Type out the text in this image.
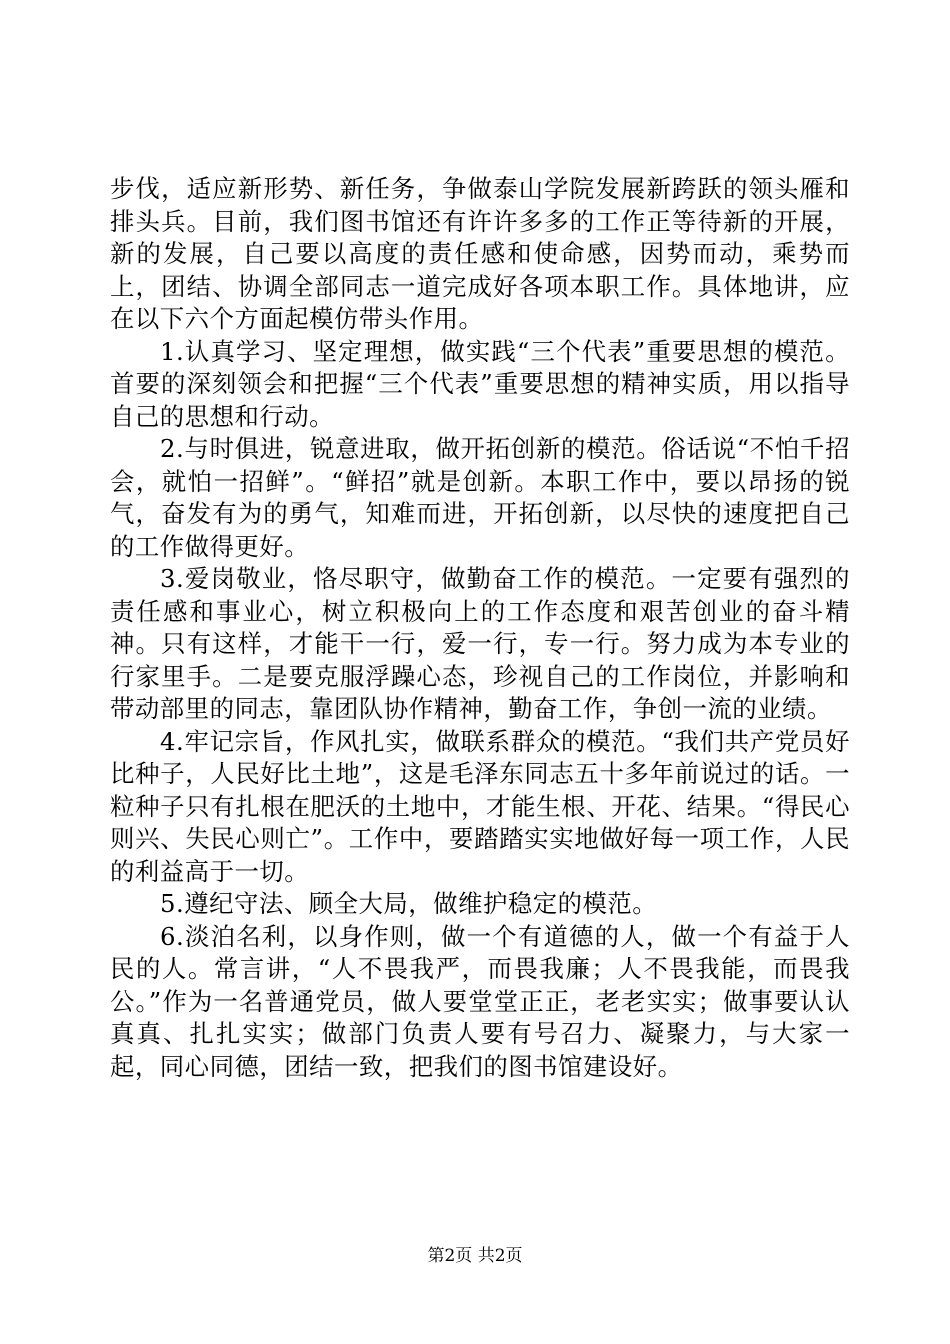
步伐，适应新形势、新任务，争做泰山学院发展新跨跃的领头雁和排头兵。目前，我们图书馆还有许许多多的工作正等待新的开展，新的发展，自己要以高度的责任感和使命感，因势而动，乘势而上，团结、协调全部同志一道完成好各项本职工作。具体地讲，应在以下六个方面起模仿带头作用。

1.认真学习、坚定理想，做实践“三个代表”重要思想的模范。首要的深刻领会和把握“三个代表”重要思想的精神实质，用以指导自己的思想和行动。

2.与时俱进，锐意进取，做开拓创新的模范。俗话说“不怕千招会，就怕一招鲜”。“鲜招”就是创新。本职工作中，要以昂扬的锐气，奋发有为的勇气，知难而进，开拓创新，以尽快的速度把自己的工作做得更好。

3.爱岗敬业，恪尽职守，做勤奋工作的模范。一定要有强烈的责任感和事业心，树立积极向上的工作态度和艰苦创业的奋斗精神。只有这样，才能干一行，爱一行，专一行。努力成为本专业的行家里手。二是要克服浮躁心态，珍视自己的工作岗位，并影响和带动部里的同志，靠团队协作精神，勤奋工作，争创一流的业绩。

4.牢记宗旨，作风扎实，做联系群众的模范。“我们共产党员好比种子，人民好比土地”，这是毛泽东同志五十多年前说过的话。一粒种子只有扎根在肥沃的土地中，才能生根、开花、结果。“得民心则兴、失民心则亡”。工作中，要踏踏实实地做好每一项工作，人民的利益高于一切。

5.遵纪守法、顾全大局，做维护稳定的模范。

6.淡泊名利，以身作则，做一个有道德的人，做一个有益于人民的人。常言讲，“人不畏我严，而畏我廉；人不畏我能，而畏我公。”作为一名普通党员，做人要堂堂正正，老老实实；做事要认认真真、扎扎实实；做部门负责人要有号召力、凝聚力，与大家一起，同心同德，团结一致，把我们的图书馆建设好。

第2页 共2页
